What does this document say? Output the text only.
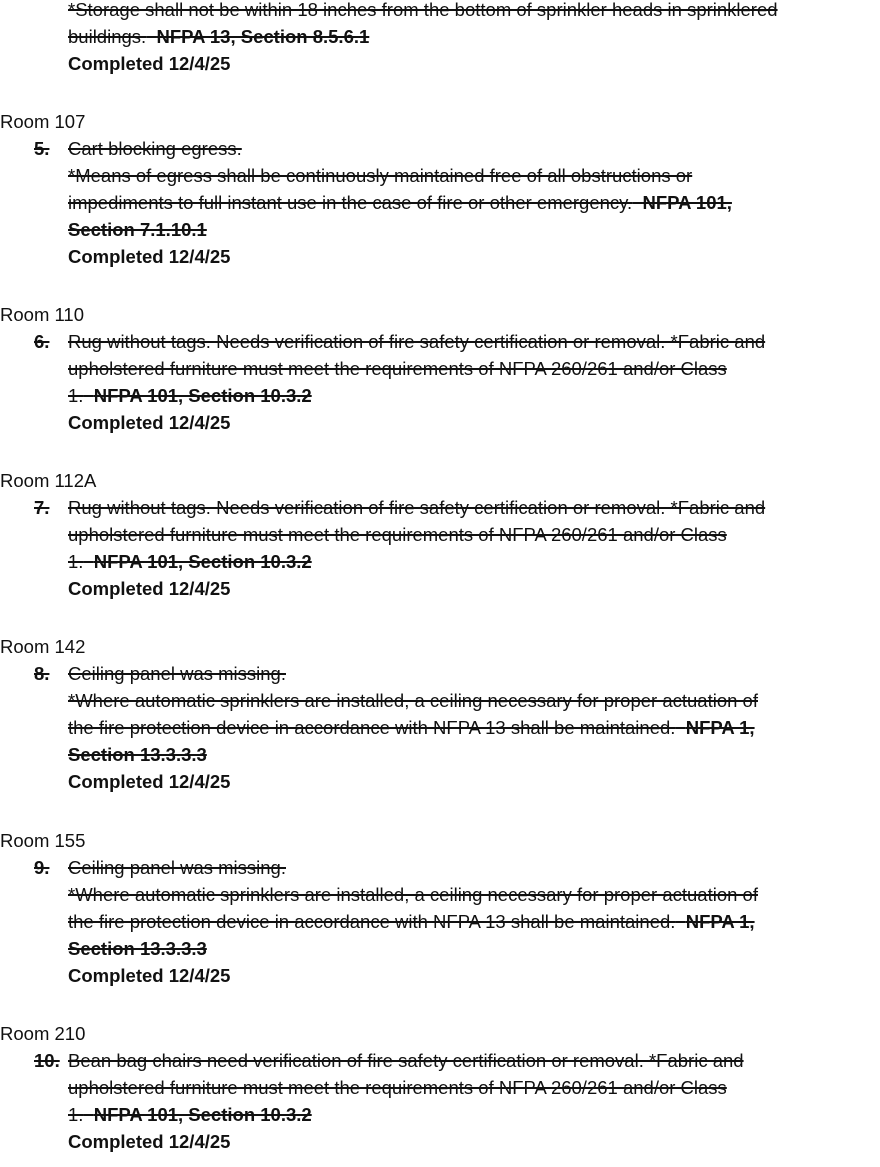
*Storage shall not be within 18 inches from the bottom of sprinkler heads in sprinklered
buildings. NFPA 13, Section 8.5.6.1
Completed 12/4/25
Room 107
5. Cart blocking egress.
*Means of egress shall be continuously maintained free of all obstructions or
impediments to full instant use in the case of fire or other emergency. NFPA 101,
Section 7.1.10.1
Completed 12/4/25
Room 110
6. Rug without tags. Needs verification of fire safety certification or removal. *Fabric and
upholstered furniture must meet the requirements of NFPA 260/261 and/or Class
1. NFPA 101, Section 10.3.2
Completed 12/4/25
Room 112A
7. Rug without tags. Needs verification of fire safety certification or removal. *Fabric and
upholstered furniture must meet the requirements of NFPA 260/261 and/or Class
1. NFPA 101, Section 10.3.2
Completed 12/4/25
Room 142
8. Ceiling panel was missing.
*Where automatic sprinklers are installed, a ceiling necessary for proper actuation of
the fire protection device in accordance with NFPA 13 shall be maintained. NFPA 1,
Section 13.3.3.3
Completed 12/4/25
Room 155
9. Ceiling panel was missing.
*Where automatic sprinklers are installed, a ceiling necessary for proper actuation of
the fire protection device in accordance with NFPA 13 shall be maintained. NFPA 1,
Section 13.3.3.3
Completed 12/4/25
Room 210
10. Bean bag chairs need verification of fire safety certification or removal. *Fabric and
upholstered furniture must meet the requirements of NFPA 260/261 and/or Class
1. NFPA 101, Section 10.3.2
Completed 12/4/25
